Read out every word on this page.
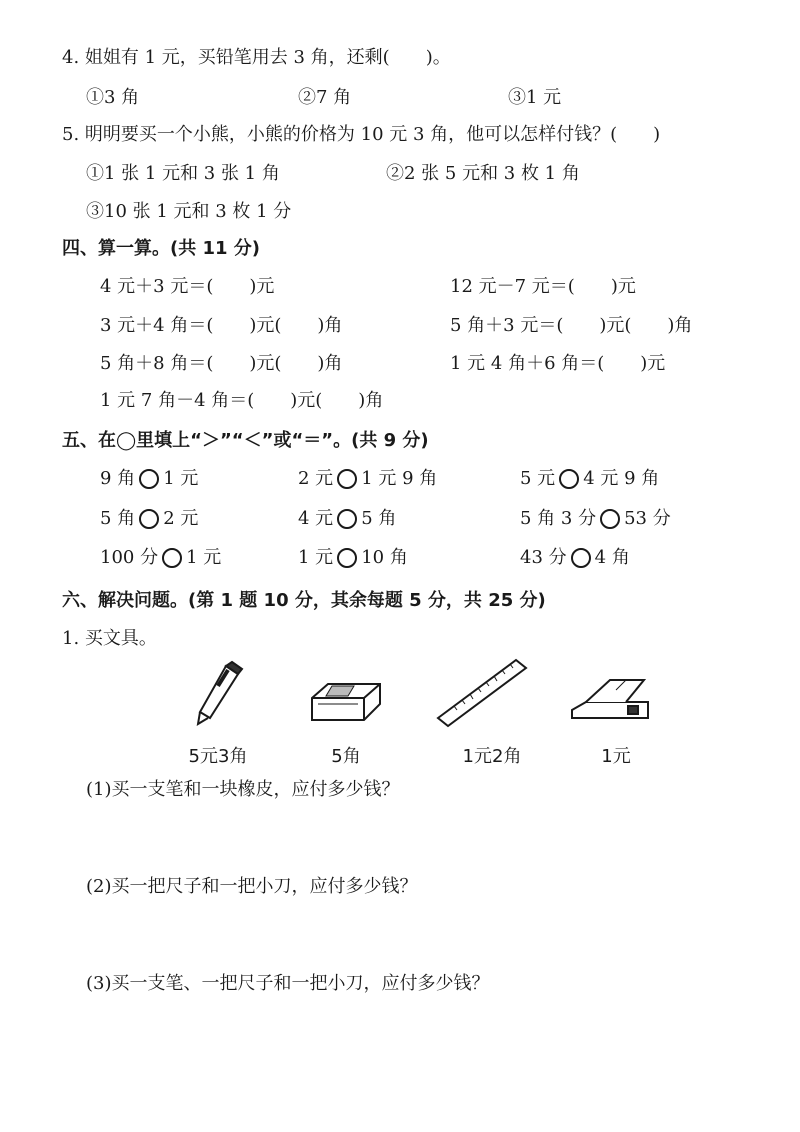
4. 姐姐有 1 元，买铅笔用去 3 角，还剩(　　)。
①3 角	②7 角	③1 元
5. 明明要买一个小熊，小熊的价格为 10 元 3 角，他可以怎样付钱？(　　)
①1 张 1 元和 3 张 1 角	②2 张 5 元和 3 枚 1 角
③10 张 1 元和 3 枚 1 分
四、算一算。(共 11 分)
4 元＋3 元＝(　　)元	12 元－7 元＝(　　)元
3 元＋4 角＝(　　)元(　　)角	5 角＋3 元＝(　　)元(　　)角
5 角＋8 角＝(　　)元(　　)角	1 元 4 角＋6 角＝(　　)元
1 元 7 角－4 角＝(　　)元(　　)角
五、在◯里填上“＞”“＜”或“＝”。(共 9 分)
9 角 1 元	2 元 1 元 9 角	5 元 4 元 9 角
5 角 2 元	4 元 5 角	5 角 3 分 53 分
100 分 1 元	1 元 10 角	43 分 4 角
六、解决问题。(第 1 题 10 分，其余每题 5 分，共 25 分)
1. 买文具。
5元3角	5角	1元2角	1元
(1)买一支笔和一块橡皮，应付多少钱？
(2)买一把尺子和一把小刀，应付多少钱？
(3)买一支笔、一把尺子和一把小刀，应付多少钱？
